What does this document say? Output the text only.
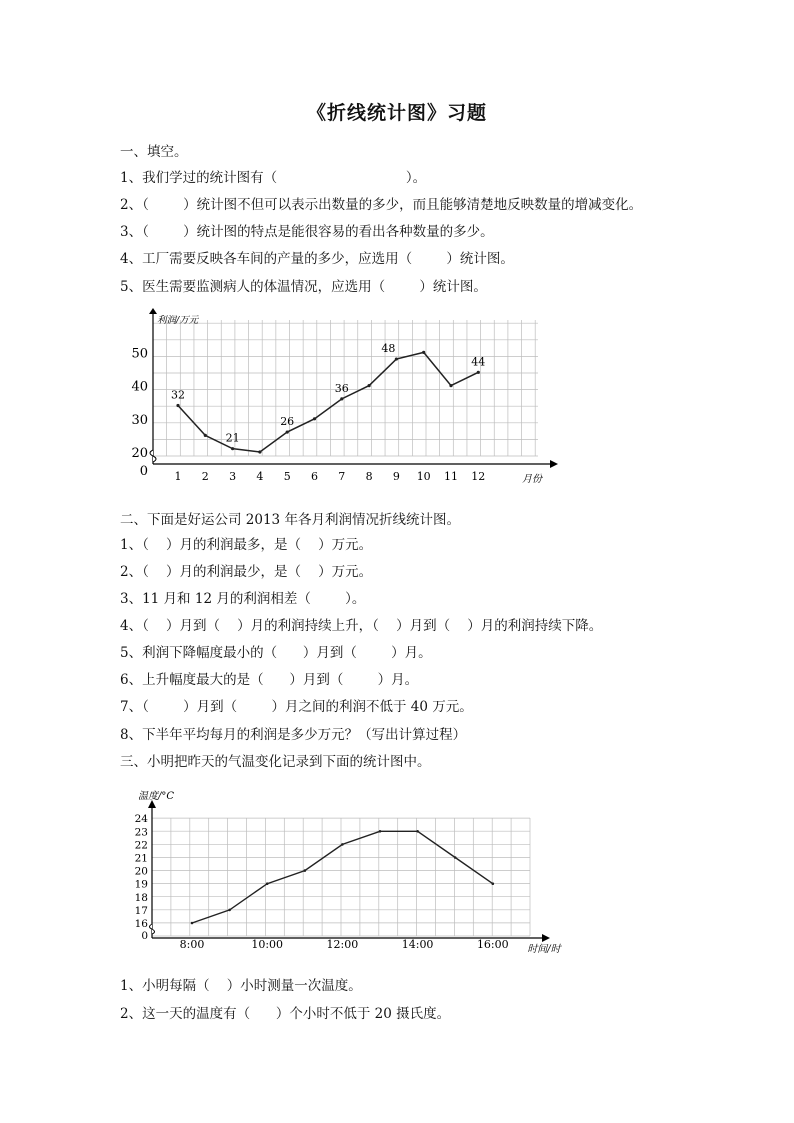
《折线统计图》习题
一、填空。
1、我们学过的统计图有（                              ）。
2、（        ）统计图不但可以表示出数量的多少，而且能够清楚地反映数量的增减变化。
3、（        ）统计图的特点是能很容易的看出各种数量的多少。
4、工厂需要反映各车间的产量的多少，应选用（        ）统计图。
5、医生需要监测病人的体温情况，应选用（        ）统计图。
0
20
30
40
50
利润/万元
1 2 3 4 5 6 7 8 9 10 11 12	月份
32
21
26
36
48
44
二、下面是好运公司 2013 年各月利润情况折线统计图。
1、（    ）月的利润最多，是（    ）万元。
2、（    ）月的利润最少，是（    ）万元。
3、11 月和 12 月的利润相差（        ）。
4、（    ）月到（    ）月的利润持续上升，（    ）月到（    ）月的利润持续下降。
5、利润下降幅度最小的（      ）月到（        ）月。
6、上升幅度最大的是（      ）月到（        ）月。
7、（        ）月到（        ）月之间的利润不低于 40 万元。
8、下半年平均每月的利润是多少万元？（写出计算过程）
三、小明把昨天的气温变化记录到下面的统计图中。
0
16
17
18
19
20
21
22
23
24
温度/°C
8:00	10:00	12:00	14:00	16:00 时间/时
1、小明每隔（    ）小时测量一次温度。
2、这一天的温度有（      ）个小时不低于 20 摄氏度。
